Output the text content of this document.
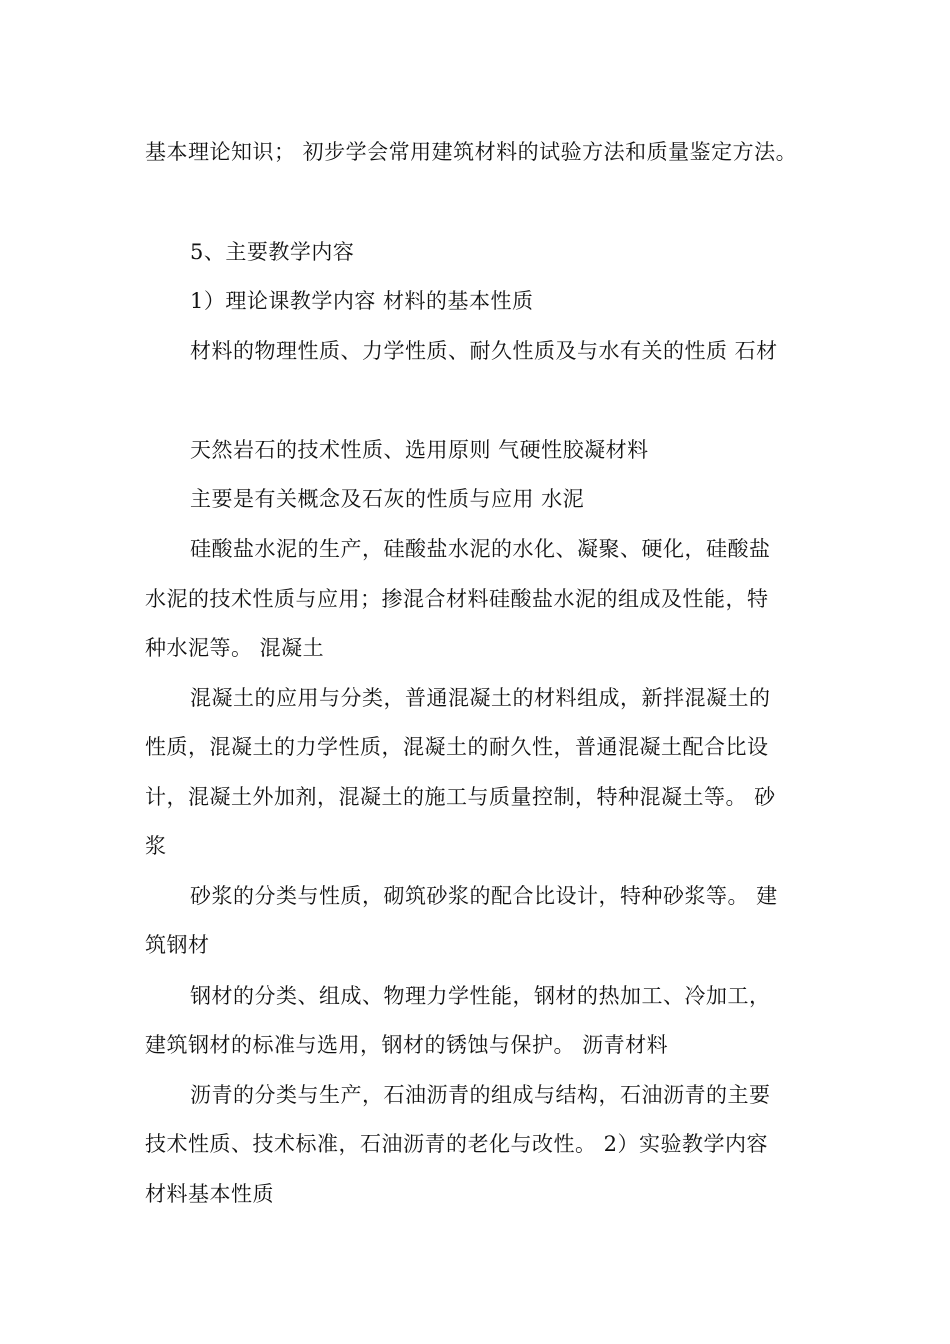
基本理论知识； 初步学会常用建筑材料的试验方法和质量鉴定方法。
5、主要教学内容
1）理论课教学内容 材料的基本性质
材料的物理性质、力学性质、耐久性质及与水有关的性质 石材
天然岩石的技术性质、选用原则 气硬性胶凝材料
主要是有关概念及石灰的性质与应用 水泥
硅酸盐水泥的生产，硅酸盐水泥的水化、凝聚、硬化，硅酸盐
水泥的技术性质与应用；掺混合材料硅酸盐水泥的组成及性能，特
种水泥等。 混凝土
混凝土的应用与分类，普通混凝土的材料组成，新拌混凝土的
性质，混凝土的力学性质，混凝土的耐久性，普通混凝土配合比设
计，混凝土外加剂，混凝土的施工与质量控制，特种混凝土等。 砂
浆
砂浆的分类与性质，砌筑砂浆的配合比设计，特种砂浆等。 建
筑钢材
钢材的分类、组成、物理力学性能，钢材的热加工、冷加工，
建筑钢材的标准与选用，钢材的锈蚀与保护。 沥青材料
沥青的分类与生产，石油沥青的组成与结构，石油沥青的主要
技术性质、技术标准，石油沥青的老化与改性。 2）实验教学内容
材料基本性质
